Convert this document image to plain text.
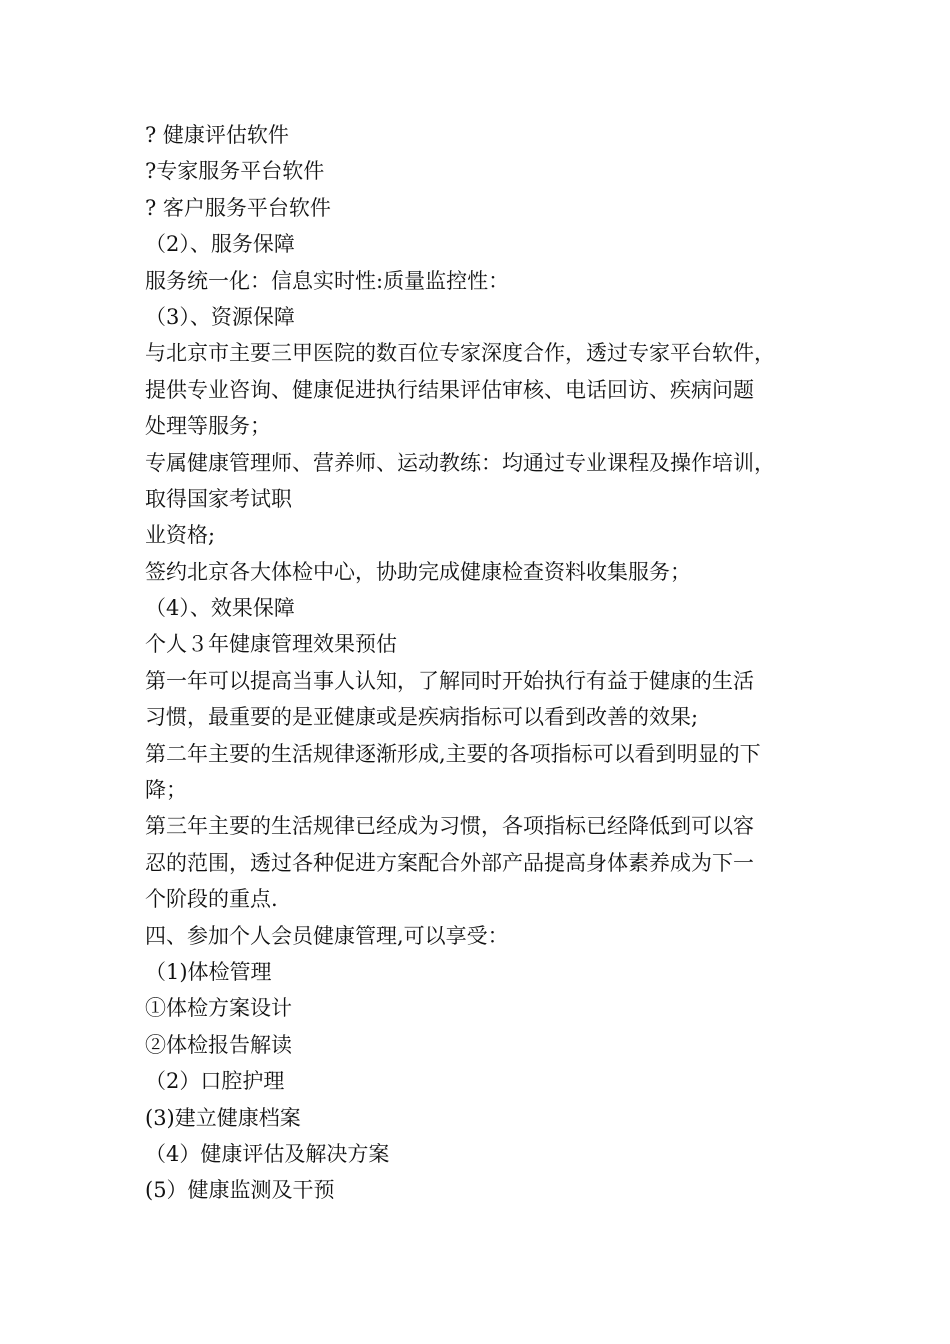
? 健康评估软件

?专家服务平台软件

? 客户服务平台软件

（2）、服务保障

服务统一化：信息实时性:质量监控性：

（3）、资源保障

与北京市主要三甲医院的数百位专家深度合作，透过专家平台软件，

提供专业咨询、健康促进执行结果评估审核、电话回访、疾病问题

处理等服务；

专属健康管理师、营养师、运动教练：均通过专业课程及操作培训，

取得国家考试职

业资格;

签约北京各大体检中心，协助完成健康检查资料收集服务；

（4）、效果保障

个人３年健康管理效果预估

第一年可以提高当事人认知，了解同时开始执行有益于健康的生活

习惯，最重要的是亚健康或是疾病指标可以看到改善的效果;

第二年主要的生活规律逐渐形成,主要的各项指标可以看到明显的下

降；

第三年主要的生活规律已经成为习惯，各项指标已经降低到可以容

忍的范围，透过各种促进方案配合外部产品提高身体素养成为下一

个阶段的重点.

四、参加个人会员健康管理,可以享受：

（1)体检管理

①体检方案设计

②体检报告解读

（2）口腔护理

(3)建立健康档案

（4）健康评估及解决方案

(5）健康监测及干预
